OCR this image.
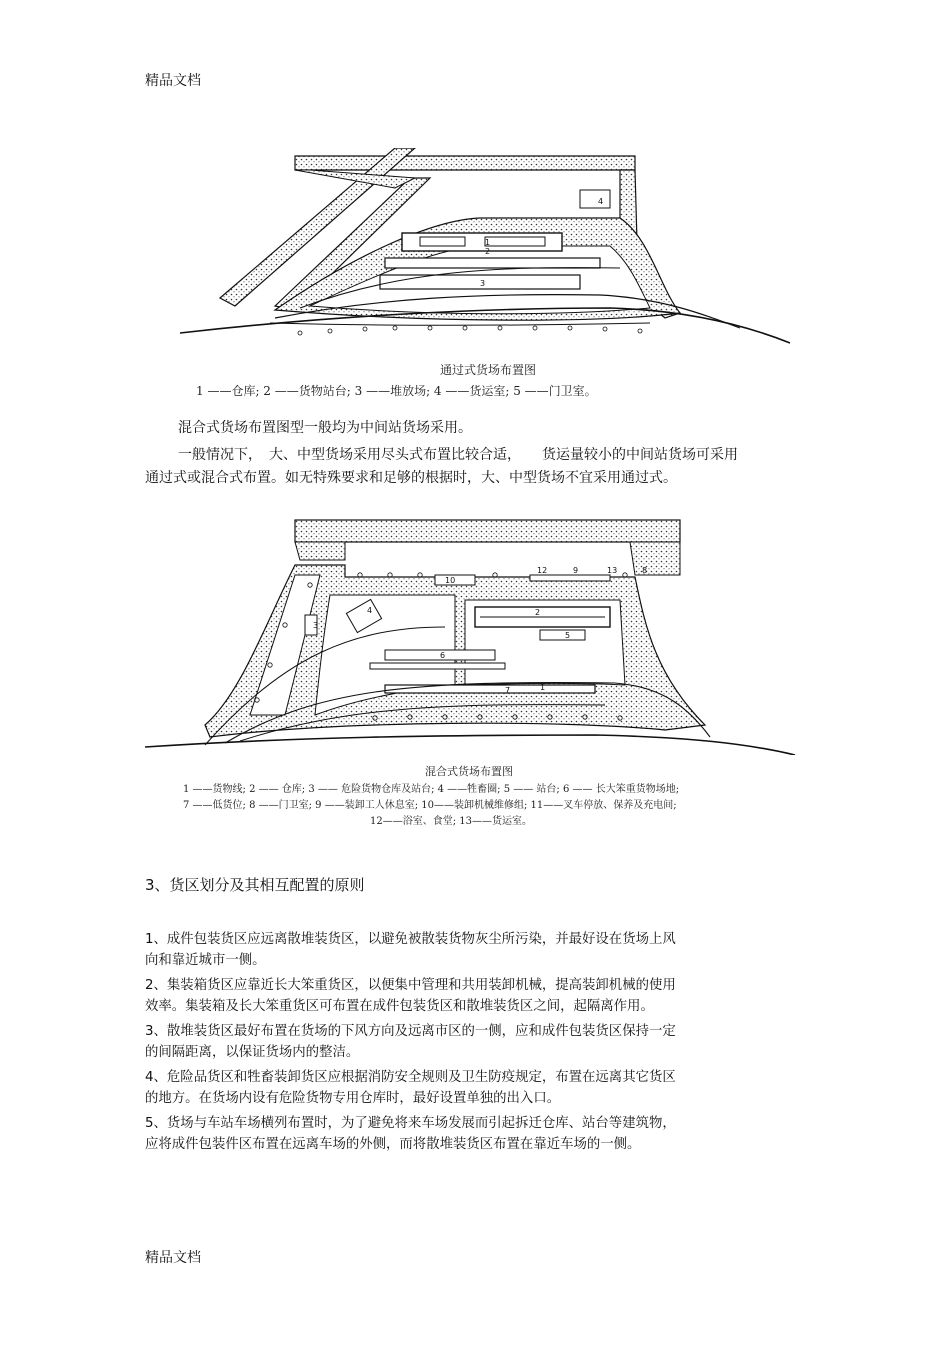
精品文档
2
3
1
4
通过式货场布置图
1 ——仓库; 2 ——货物站台; 3 ——堆放场; 4 ——货运室; 5 ——门卫室。
混合式货场布置图型一般均为中间站货场采用。
一般情况下，　大、中型货场采用尽头式布置比较合适，　　货运量较小的中间站货场可采用
通过式或混合式布置。如无特殊要求和足够的根据时，大、中型货场不宜采用通过式。
1
2
3
4
5
6
7
8
9
10
12	13
混合式货场布置图
1 ——货物线; 2 —— 仓库; 3 —— 危险货物仓库及站台; 4 ——牲畜圈; 5 —— 站台; 6 —— 长大笨重货物场地;
7 ——低货位; 8 ——门卫室; 9 ——装卸工人休息室; 10——装卸机械维修组; 11——叉车停放、保养及充电间;
12——浴室、食堂; 13——货运室。
3、货区划分及其相互配置的原则
1、成件包装货区应远离散堆装货区，以避免被散装货物灰尘所污染，并最好设在货场上风
向和靠近城市一侧。
2、集装箱货区应靠近长大笨重货区，以便集中管理和共用装卸机械，提高装卸机械的使用
效率。集装箱及长大笨重货区可布置在成件包装货区和散堆装货区之间，起隔离作用。
3、散堆装货区最好布置在货场的下风方向及远离市区的一侧，应和成件包装货区保持一定
的间隔距离，以保证货场内的整洁。
4、危险品货区和牲畜装卸货区应根据消防安全规则及卫生防疫规定，布置在远离其它货区
的地方。在货场内设有危险货物专用仓库时，最好设置单独的出入口。
5、货场与车站车场横列布置时，为了避免将来车场发展而引起拆迁仓库、站台等建筑物，
应将成件包装件区布置在远离车场的外侧，而将散堆装货区布置在靠近车场的一侧。
精品文档
